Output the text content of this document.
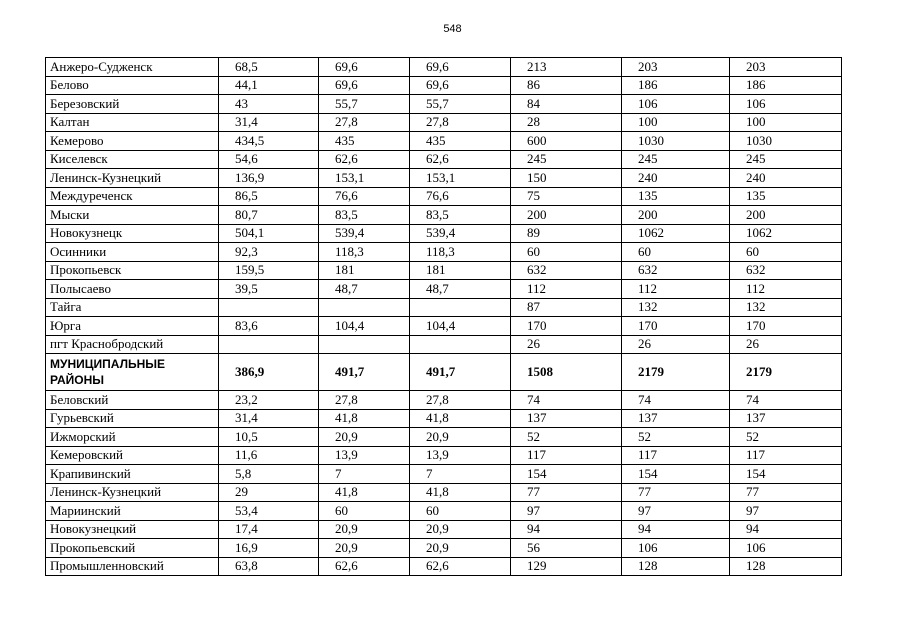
548
Анжеро-Судженск	68,5	69,6	69,6	213	203	203
Белово	44,1	69,6	69,6	86	186	186
Березовский	43	55,7	55,7	84	106	106
Калтан	31,4	27,8	27,8	28	100	100
Кемерово	434,5	435	435	600	1030	1030
Киселевск	54,6	62,6	62,6	245	245	245
Ленинск-Кузнецкий	136,9	153,1	153,1	150	240	240
Междуреченск	86,5	76,6	76,6	75	135	135
Мыски	80,7	83,5	83,5	200	200	200
Новокузнецк	504,1	539,4	539,4	89	1062	1062
Осинники	92,3	118,3	118,3	60	60	60
Прокопьевск	159,5	181	181	632	632	632
Полысаево	39,5	48,7	48,7	112	112	112
Тайга				87	132	132
Юрга	83,6	104,4	104,4	170	170	170
пгт Краснобродский				26	26	26
МУНИЦИПАЛЬНЫЕ РАЙОНЫ	386,9	491,7	491,7	1508	2179	2179
Беловский	23,2	27,8	27,8	74	74	74
Гурьевский	31,4	41,8	41,8	137	137	137
Ижморский	10,5	20,9	20,9	52	52	52
Кемеровский	11,6	13,9	13,9	117	117	117
Крапивинский	5,8	7	7	154	154	154
Ленинск-Кузнецкий	29	41,8	41,8	77	77	77
Мариинский	53,4	60	60	97	97	97
Новокузнецкий	17,4	20,9	20,9	94	94	94
Прокопьевский	16,9	20,9	20,9	56	106	106
Промышленновский	63,8	62,6	62,6	129	128	128
